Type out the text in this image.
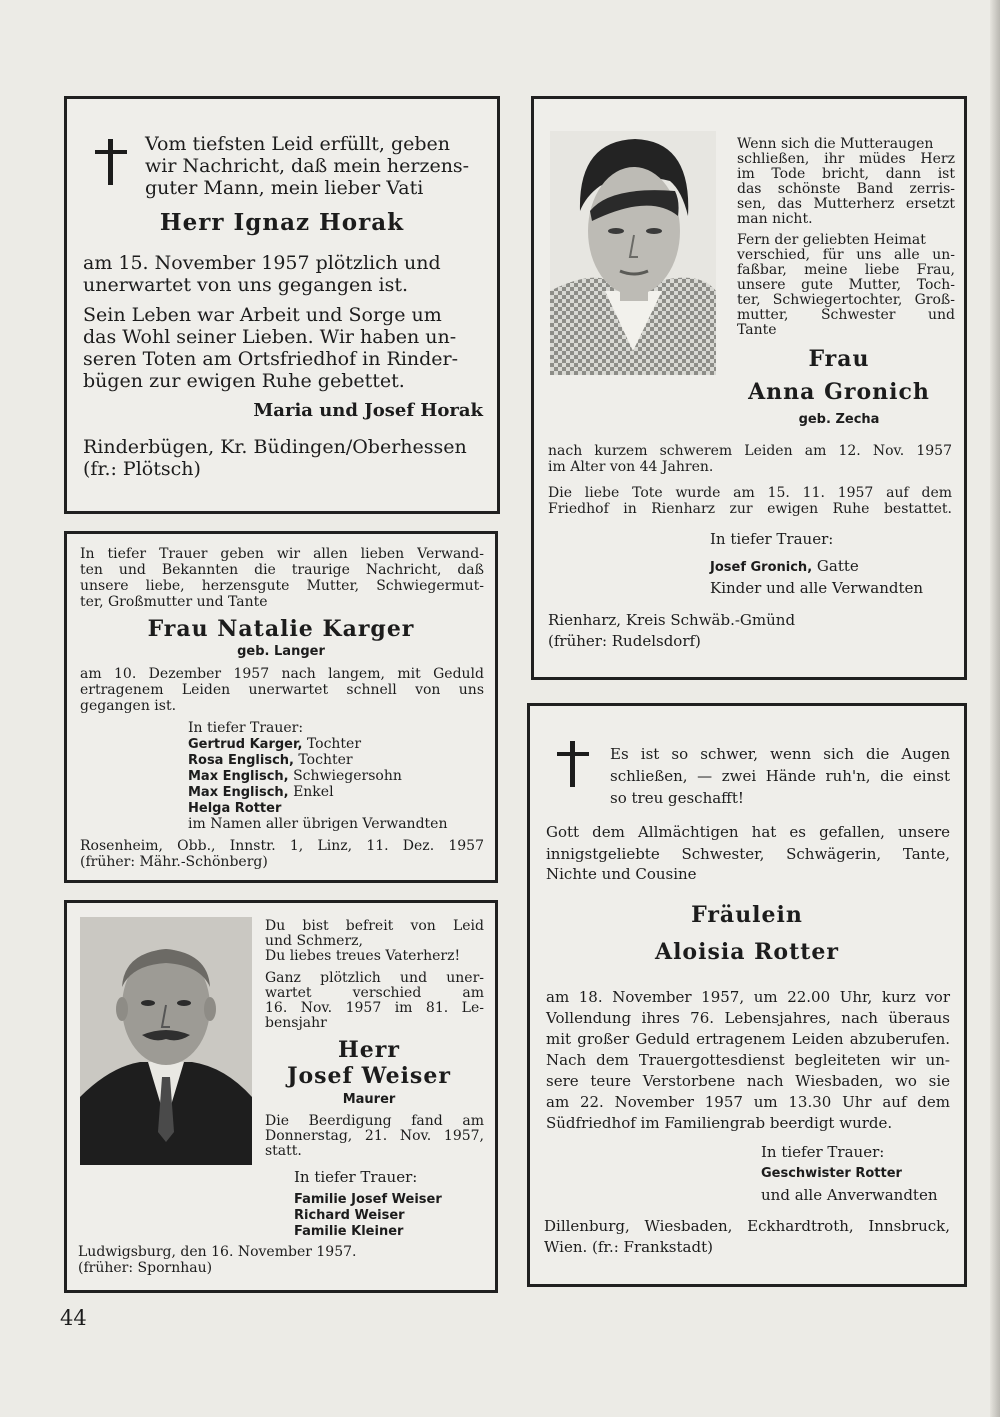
Vom tiefsten Leid erfüllt, geben
wir Nachricht, daß mein herzens-
guter Mann, mein lieber Vati
Herr Ignaz Horak
am 15. November 1957 plötzlich und
unerwartet von uns gegangen ist.
Sein Leben war Arbeit und Sorge um
das Wohl seiner Lieben. Wir haben un-
seren Toten am Ortsfriedhof in Rinder-
bügen zur ewigen Ruhe gebettet.
Maria und Josef Horak
Rinderbügen, Kr. Büdingen/Oberhessen
(fr.: Plötsch)
Wenn sich die Mutteraugen
schließen, ihr müdes Herz
im Tode bricht, dann ist
das schönste Band zerris-
sen, das Mutterherz ersetzt
man nicht.
Fern der geliebten Heimat
verschied, für uns alle un-
faßbar, meine liebe Frau,
unsere gute Mutter, Toch-
ter, Schwiegertochter, Groß-
mutter, Schwester und
Tante
Frau
Anna Gronich
geb. Zecha
nach kurzem schwerem Leiden am 12. Nov. 1957
im Alter von 44 Jahren.
Die liebe Tote wurde am 15. 11. 1957 auf dem
Friedhof in Rienharz zur ewigen Ruhe bestattet.
In tiefer Trauer:
Josef Gronich, Gatte
Kinder und alle Verwandten
Rienharz, Kreis Schwäb.-Gmünd
(früher: Rudelsdorf)
In tiefer Trauer geben wir allen lieben Verwand-
ten und Bekannten die traurige Nachricht, daß
unsere liebe, herzensgute Mutter, Schwiegermut-
ter, Großmutter und Tante
Frau Natalie Karger
geb. Langer
am 10. Dezember 1957 nach langem, mit Geduld
ertragenem Leiden unerwartet schnell von uns
gegangen ist.
In tiefer Trauer:
Gertrud Karger, Tochter
Rosa Englisch, Tochter
Max Englisch, Schwiegersohn
Max Englisch, Enkel
Helga Rotter
im Namen aller übrigen Verwandten
Rosenheim, Obb., Innstr. 1, Linz, 11. Dez. 1957
(früher: Mähr.-Schönberg)
Du bist befreit von Leid
und Schmerz,
Du liebes treues Vaterherz!
Ganz plötzlich und uner-
wartet verschied am
16. Nov. 1957 im 81. Le-
bensjahr
Herr
Josef Weiser
Maurer
Die Beerdigung fand am
Donnerstag, 21. Nov. 1957,
statt.
In tiefer Trauer:
Familie Josef Weiser
Richard Weiser
Familie Kleiner
Ludwigsburg, den 16. November 1957.
(früher: Spornhau)
Es ist so schwer, wenn sich die Augen
schließen, — zwei Hände ruh'n, die einst
so treu geschafft!
Gott dem Allmächtigen hat es gefallen, unsere
innigstgeliebte Schwester, Schwägerin, Tante,
Nichte und Cousine
Fräulein
Aloisia Rotter
am 18. November 1957, um 22.00 Uhr, kurz vor
Vollendung ihres 76. Lebensjahres, nach überaus
mit großer Geduld ertragenem Leiden abzuberufen.
Nach dem Trauergottesdienst begleiteten wir un-
sere teure Verstorbene nach Wiesbaden, wo sie
am 22. November 1957 um 13.30 Uhr auf dem
Südfriedhof im Familiengrab beerdigt wurde.
In tiefer Trauer:
Geschwister Rotter
und alle Anverwandten
Dillenburg, Wiesbaden, Eckhardtroth, Innsbruck,
Wien. (fr.: Frankstadt)
44
